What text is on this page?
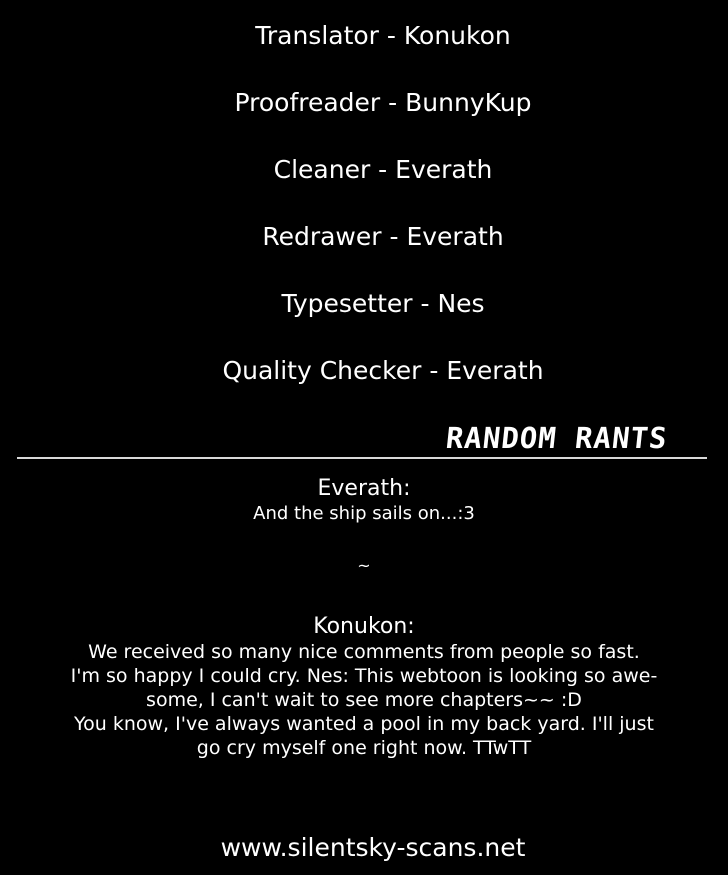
Translator - Konukon
Proofreader - BunnyKup
Cleaner - Everath
Redrawer - Everath
Typesetter - Nes
Quality Checker - Everath
RANDOM RANTS
Everath:
And the ship sails on...:3
~
Konukon:
We received so many nice comments from people so fast.
I'm so happy I could cry. Nes: This webtoon is looking so awe-
some, I can't wait to see more chapters~~ :D
You know, I've always wanted a pool in my back yard. I'll just
go cry myself one right now. TTwTT
www.silentsky-scans.net
